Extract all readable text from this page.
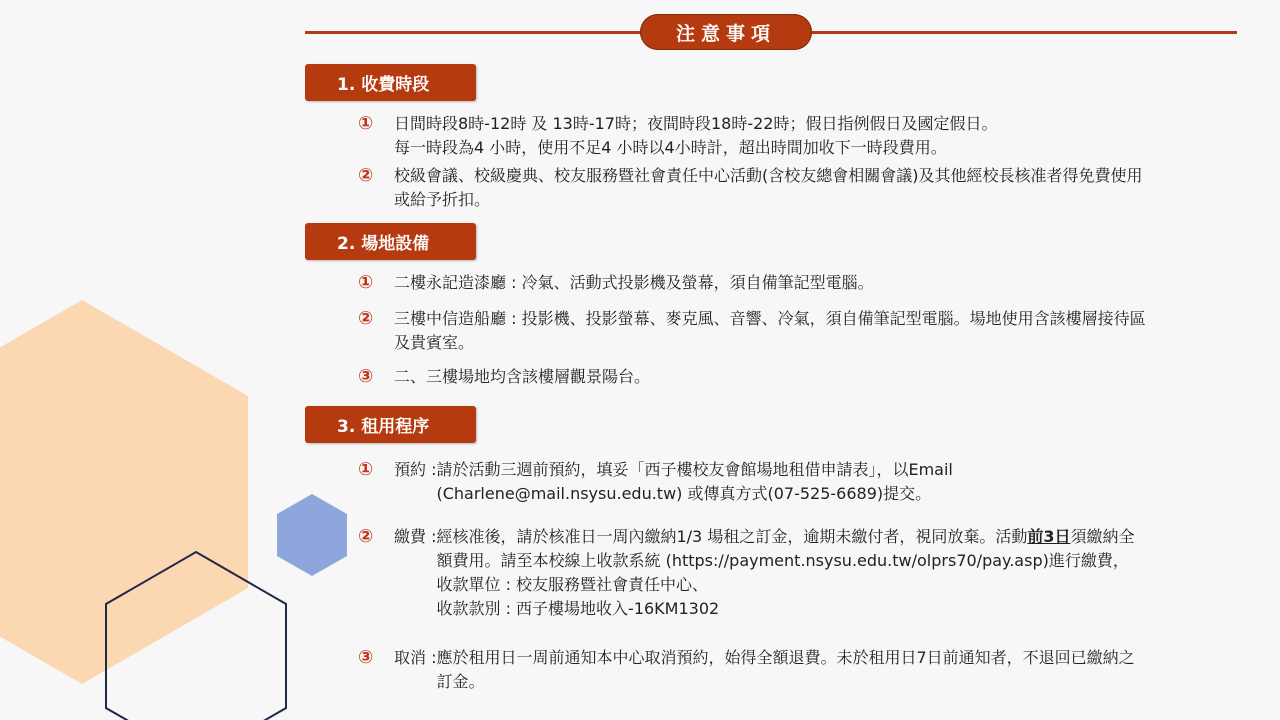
注意事項
1. 收費時段
①	日間時段8時-12時 及 13時-17時；夜間時段18時-22時；假日指例假日及國定假日。
每一時段為4 小時，使用不足4 小時以4小時計，超出時間加收下一時段費用。
②	校級會議、校級慶典、校友服務暨社會責任中心活動(含校友總會相關會議)及其他經校長核准者得免費使用
或給予折扣。
2. 場地設備
①	二樓永記造漆廳 : 冷氣、活動式投影機及螢幕，須自備筆記型電腦。
②	三樓中信造船廳 : 投影機、投影螢幕、麥克風、音響、冷氣，須自備筆記型電腦。場地使用含該樓層接待區
及貴賓室。
③	二、三樓場地均含該樓層觀景陽台。
3. 租用程序
①	預約 : 請於活動三週前預約，填妥「西子樓校友會館場地租借申請表」，以Email
(Charlene@mail.nsysu.edu.tw) 或傳真方式(07-525-6689)提交。
②	繳費 : 經核准後，請於核准日一周內繳納1/3 場租之訂金，逾期未繳付者，視同放棄。活動前3日須繳納全
額費用。請至本校線上收款系統 (https://payment.nsysu.edu.tw/olprs70/pay.asp)進行繳費，
收款單位 : 校友服務暨社會責任中心、
收款款別 : 西子樓場地收入-16KM1302
③	取消 : 應於租用日一周前通知本中心取消預約，始得全額退費。未於租用日7日前通知者，不退回已繳納之
訂金。
